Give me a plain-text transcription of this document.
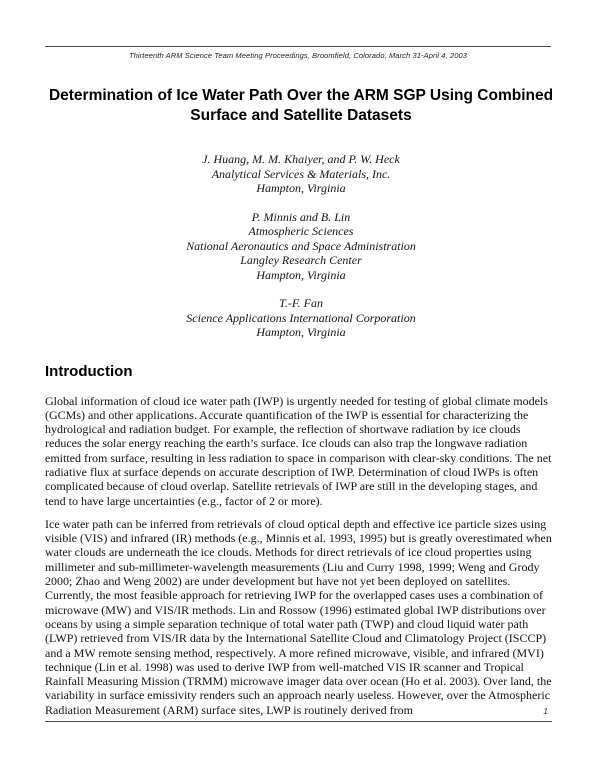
Thirteenth ARM Science Team Meeting Proceedings, Broomfield, Colorado, March 31-April 4, 2003
Determination of Ice Water Path Over the ARM SGP Using Combined Surface and Satellite Datasets
J. Huang, M. M. Khaiyer, and P. W. Heck
Analytical Services & Materials, Inc.
Hampton, Virginia
P. Minnis and B. Lin
Atmospheric Sciences
National Aeronautics and Space Administration
Langley Research Center
Hampton, Virginia
T.-F. Fan
Science Applications International Corporation
Hampton, Virginia
Introduction

Global information of cloud ice water path (IWP) is urgently needed for testing of global climate models (GCMs) and other applications. Accurate quantification of the IWP is essential for characterizing the hydrological and radiation budget. For example, the reflection of shortwave radiation by ice clouds reduces the solar energy reaching the earth’s surface. Ice clouds can also trap the longwave radiation emitted from surface, resulting in less radiation to space in comparison with clear-sky conditions. The net radiative flux at surface depends on accurate description of IWP. Determination of cloud IWPs is often complicated because of cloud overlap. Satellite retrievals of IWP are still in the developing stages, and tend to have large uncertainties (e.g., factor of 2 or more).

Ice water path can be inferred from retrievals of cloud optical depth and effective ice particle sizes using visible (VIS) and infrared (IR) methods (e.g., Minnis et al. 1993, 1995) but is greatly overestimated when water clouds are underneath the ice clouds. Methods for direct retrievals of ice cloud properties using millimeter and sub-millimeter-wavelength measurements (Liu and Curry 1998, 1999; Weng and Grody 2000; Zhao and Weng 2002) are under development but have not yet been deployed on satellites. Currently, the most feasible approach for retrieving IWP for the overlapped cases uses a combination of microwave (MW) and VIS/IR methods. Lin and Rossow (1996) estimated global IWP distributions over oceans by using a simple separation technique of total water path (TWP) and cloud liquid water path (LWP) retrieved from VIS/IR data by the International Satellite Cloud and Climatology Project (ISCCP) and a MW remote sensing method, respectively. A more refined microwave, visible, and infrared (MVI) technique (Lin et al. 1998) was used to derive IWP from well-matched VIS IR scanner and Tropical Rainfall Measuring Mission (TRMM) microwave imager data over ocean (Ho et al. 2003). Over land, the variability in surface emissivity renders such an approach nearly useless. However, over the Atmospheric Radiation Measurement (ARM) surface sites, LWP is routinely derived from	1
